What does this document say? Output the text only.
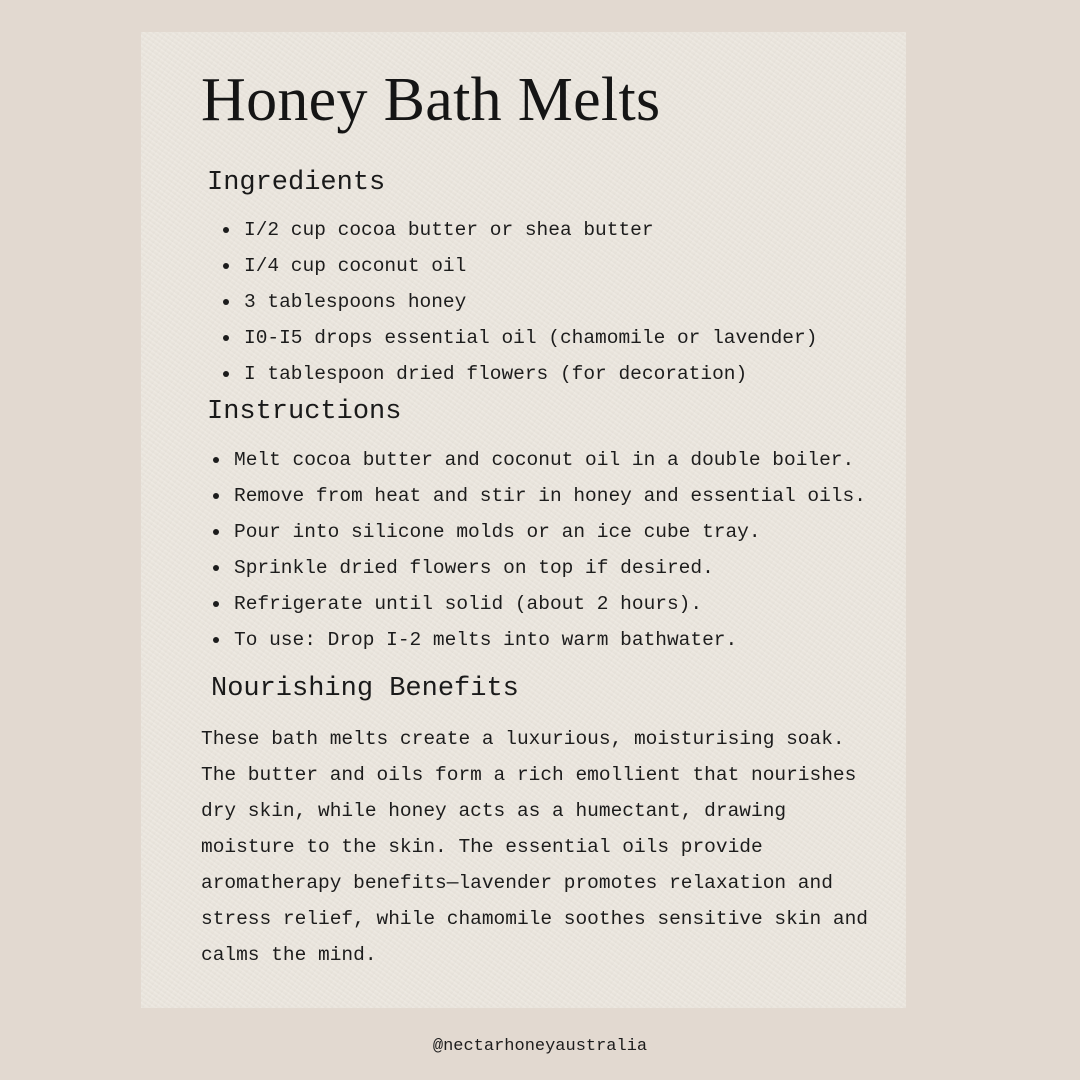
Honey Bath Melts
Ingredients
I/2 cup cocoa butter or shea butter
I/4 cup coconut oil
3 tablespoons honey
I0-I5 drops essential oil (chamomile or lavender)
I tablespoon dried flowers (for decoration)
Instructions
Melt cocoa butter and coconut oil in a double boiler.
Remove from heat and stir in honey and essential oils.
Pour into silicone molds or an ice cube tray.
Sprinkle dried flowers on top if desired.
Refrigerate until solid (about 2 hours).
To use: Drop I-2 melts into warm bathwater.
Nourishing Benefits

These bath melts create a luxurious, moisturising soak. The butter and oils form a rich emollient that nourishes dry skin, while honey acts as a humectant, drawing moisture to the skin. The essential oils provide aromatherapy benefits—lavender promotes relaxation and stress relief, while chamomile soothes sensitive skin and calms the mind.

@nectarhoneyaustralia
